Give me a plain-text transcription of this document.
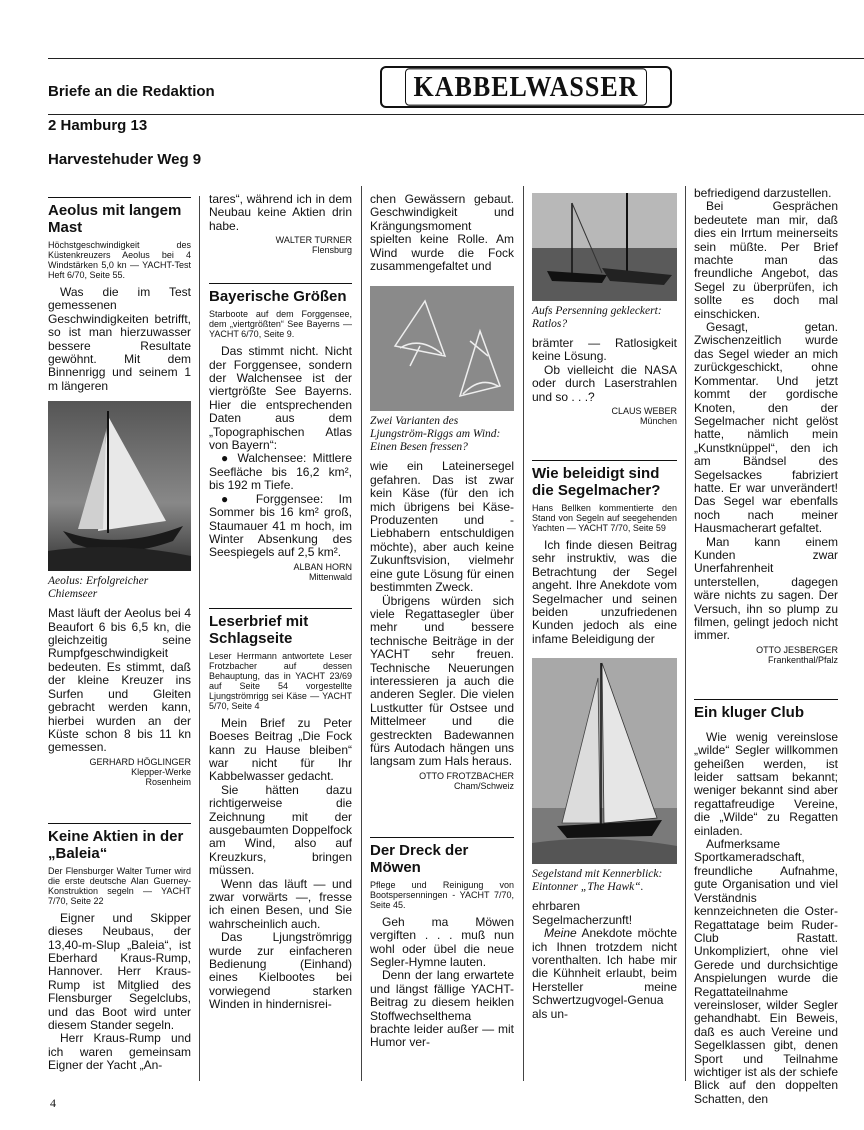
Briefe an die Redaktion

2 Hamburg 13

Harvestehuder Weg 9

KABBELWASSER
Aeolus mit langem Mast

Höchstgeschwindigkeit des Küstenkreuzers Aeolus bei 4 Windstärken 5,0 kn — YACHT-Test Heft 6/70, Seite 55.

Was die im Test gemessenen Geschwindigkeiten betrifft, so ist man hierzuwasser bessere Resultate gewöhnt. Mit dem Binnenrigg und seinem 1 m längeren

Aeolus: Erfolgreicher Chiemseer

Mast läuft der Aeolus bei 4 Beaufort 6 bis 6,5 kn, die gleichzeitig seine Rumpfgeschwindigkeit bedeuten. Es stimmt, daß der kleine Kreuzer ins Surfen und Gleiten gebracht werden kann, hierbei wurden an der Küste schon 8 bis 11 kn gemessen.

GERHARD HÖGLINGER
Klepper-Werke
Rosenheim

Keine Aktien in der „Baleia“

Der Flensburger Walter Turner wird die erste deutsche Alan Guerney-Konstruktion segeln — YACHT 7/70, Seite 22

Eigner und Skipper dieses Neubaus, der 13,40-m-Slup „Baleia“, ist Eberhard Kraus-Rump, Hannover. Herr Kraus-Rump ist Mitglied des Flensburger Segelclubs, und das Boot wird unter diesem Stander segeln.

Herr Kraus-Rump und ich waren gemeinsam Eigner der Yacht „An-

tares“, während ich in dem Neubau keine Aktien drin habe.

WALTER TURNER
Flensburg

Bayerische Größen

Starboote auf dem Forggensee, dem „viertgrößten“ See Bayerns — YACHT 6/70, Seite 9.

Das stimmt nicht. Nicht der Forggensee, sondern der Walchensee ist der viertgrößte See Bayerns. Hier die entsprechenden Daten aus dem „Topographischen Atlas von Bayern“:

● Walchensee: Mittlere Seefläche bis 16,2 km², bis 192 m Tiefe.

● Forggensee: Im Sommer bis 16 km² groß, Staumauer 41 m hoch, im Winter Absenkung des Seespiegels auf 2,5 km².

ALBAN HORN
Mittenwald

Leserbrief mit Schlagseite

Leser Herrmann antwortete Leser Frotzbacher auf dessen Behauptung, das in YACHT 23/69 auf Seite 54 vorgestellte Ljungströmrigg sei Käse — YACHT 5/70, Seite 4

Mein Brief zu Peter Boeses Beitrag „Die Fock kann zu Hause bleiben“ war nicht für Ihr Kabbelwasser gedacht.

Sie hätten dazu richtigerweise die Zeichnung mit der ausgebaumten Doppelfock am Wind, also auf Kreuzkurs, bringen müssen.

Wenn das läuft — und zwar vorwärts —, fresse ich einen Besen, und Sie wahrscheinlich auch.

Das Ljungströmrigg wurde zur einfacheren Bedienung (Einhand) eines Kielbootes bei vorwiegend starken Winden in hindernisrei-

chen Gewässern gebaut. Geschwindigkeit und Krängungsmoment spielten keine Rolle. Am Wind wurde die Fock zusammengefaltet und

Zwei Varianten des Ljungström-Riggs am Wind: Einen Besen fressen?

wie ein Lateinersegel gefahren. Das ist zwar kein Käse (für den ich mich übrigens bei Käse-Produzenten und -Liebhabern entschuldigen möchte), aber auch keine Zukunftsvision, vielmehr eine gute Lösung für einen bestimmten Zweck.

Übrigens würden sich viele Regattasegler über mehr und bessere technische Beiträge in der YACHT sehr freuen. Technische Neuerungen interessieren ja auch die anderen Segler. Die vielen Lustkutter für Ostsee und Mittelmeer und die gestreckten Badewannen fürs Autodach hängen uns langsam zum Hals heraus.

OTTO FROTZBACHER
Cham/Schweiz

Der Dreck der Möwen

Pflege und Reinigung von Bootspersenningen - YACHT 7/70, Seite 45.

Geh ma Möwen vergiften . . . muß nun wohl oder übel die neue Segler-Hymne lauten.

Denn der lang erwartete und längst fällige YACHT-Beitrag zu diesem heiklen Stoffwechselthema brachte leider außer — mit Humor ver-

Aufs Persenning gekleckert: Ratlos?

brämter — Ratlosigkeit keine Lösung.

Ob vielleicht die NASA oder durch Laserstrahlen und so . . .?

CLAUS WEBER
München

Wie beleidigt sind die Segelmacher?

Hans Bellken kommentierte den Stand von Segeln auf seegehenden Yachten — YACHT 7/70, Seite 59

Ich finde diesen Beitrag sehr instruktiv, was die Betrachtung der Segel angeht. Ihre Anekdote vom Segelmacher und seinen beiden unzufriedenen Kunden jedoch als eine infame Beleidigung der

Segelstand mit Kennerblick: Eintonner „The Hawk“.

ehrbaren Segelmacherzunft!

Meine Anekdote möchte ich Ihnen trotzdem nicht vorenthalten. Ich habe mir die Kühnheit erlaubt, beim Hersteller meine Schwertzugvogel-Genua als un-

befriedigend darzustellen.

Bei Gesprächen bedeutete man mir, daß dies ein Irrtum meinerseits sein müßte. Per Brief machte man das freundliche Angebot, das Segel zu überprüfen, ich sollte es doch mal einschicken.

Gesagt, getan. Zwischenzeitlich wurde das Segel wieder an mich zurückgeschickt, ohne Kommentar. Und jetzt kommt der gordische Knoten, den der Segelmacher nicht gelöst hatte, nämlich mein „Kunstknüppel“, den ich am Bändsel des Segelsackes fabriziert hatte. Er war unverändert! Das Segel war ebenfalls noch nach meiner Hausmacherart gefaltet.

Man kann einem Kunden zwar Unerfahrenheit unterstellen, dagegen wäre nichts zu sagen. Der Versuch, ihn so plump zu filmen, gelingt jedoch nicht immer.

OTTO JESBERGER
Frankenthal/Pfalz

Ein kluger Club

Wie wenig vereinslose „wilde“ Segler willkommen geheißen werden, ist leider sattsam bekannt; weniger bekannt sind aber regattafreudige Vereine, die „Wilde“ zu Regatten einladen.

Aufmerksame Sportkameradschaft, freundliche Aufnahme, gute Organisation und viel Verständnis kennzeichneten die Oster-Regattatage beim Ruder-Club Rastatt. Unkompliziert, ohne viel Gerede und durchsichtige Anspielungen wurde die Regattateilnahme vereinsloser, wilder Segler gehandhabt. Ein Beweis, daß es auch Vereine und Segelklassen gibt, denen Sport und Teilnahme wichtiger ist als der schiefe Blick auf den doppelten Schatten, den

4
